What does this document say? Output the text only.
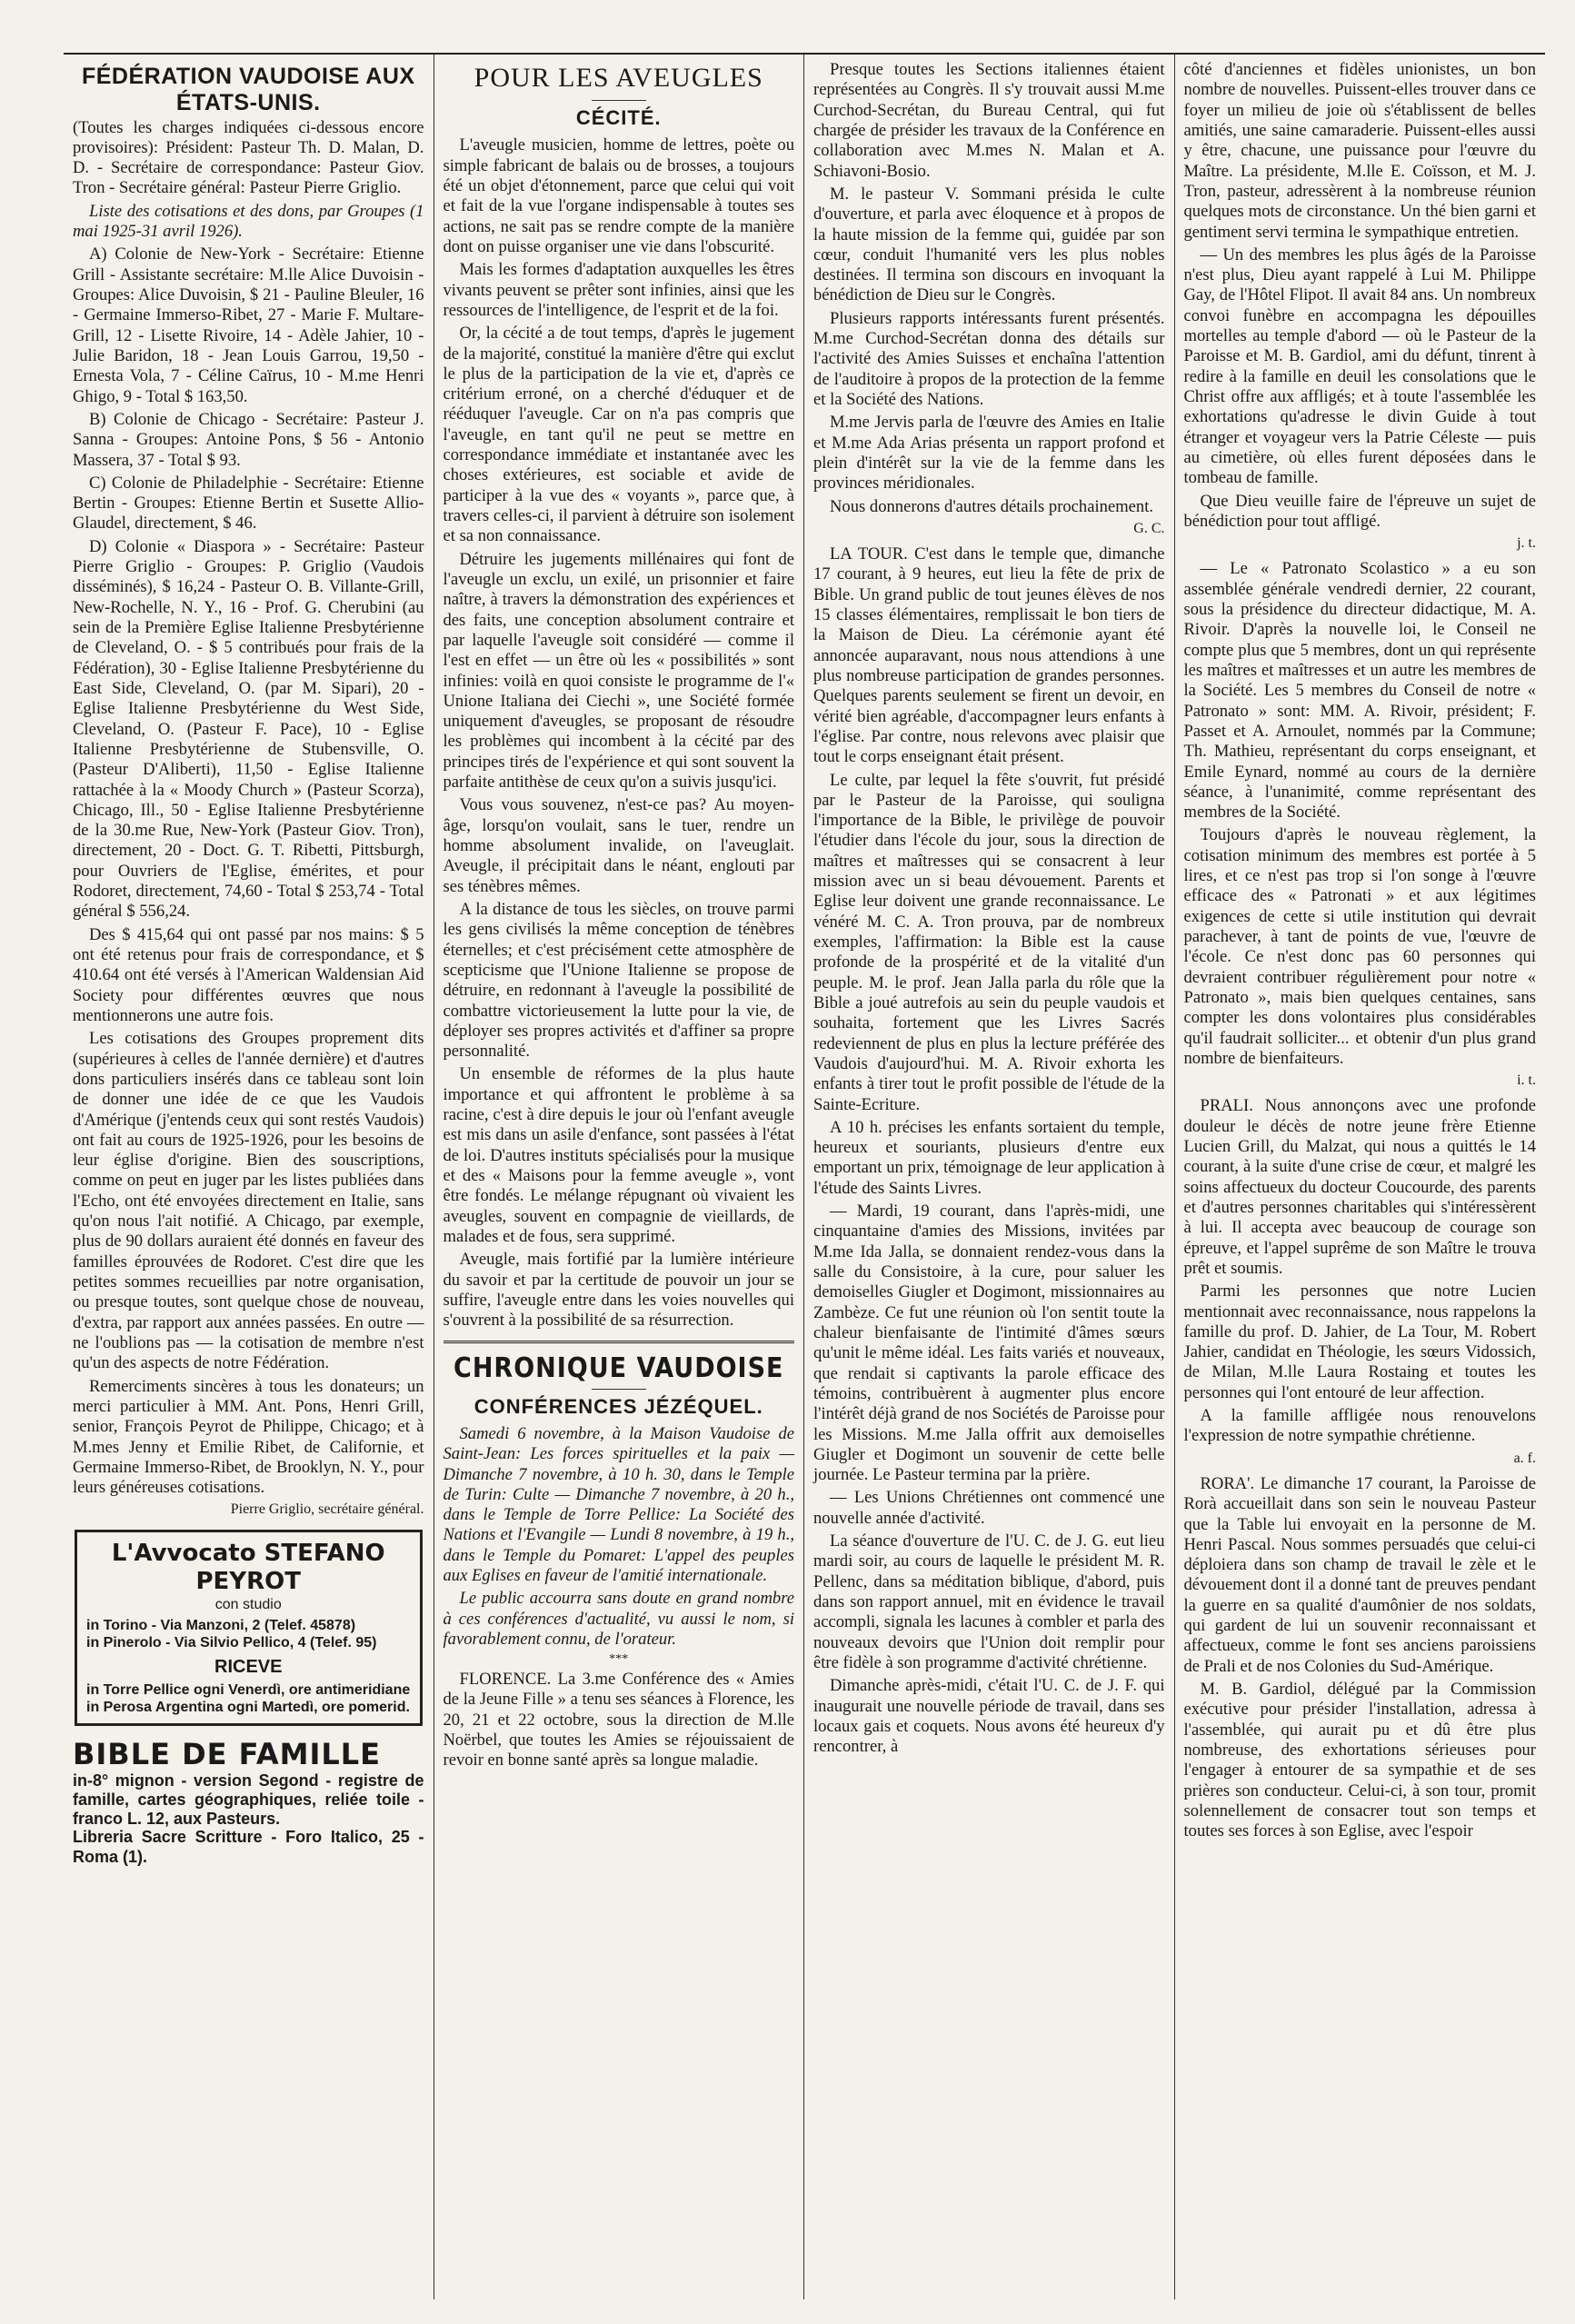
FÉDÉRATION VAUDOISE AUX ÉTATS-UNIS.

(Toutes les charges indiquées ci-dessous encore provisoires): Président: Pasteur Th. D. Malan, D. D. - Secrétaire de correspondance: Pasteur Giov. Tron - Secrétaire général: Pasteur Pierre Griglio.

Liste des cotisations et des dons, par Groupes (1 mai 1925-31 avril 1926).

A) Colonie de New-York - Secrétaire: Etienne Grill - Assistante secrétaire: M.lle Alice Duvoisin - Groupes: Alice Duvoisin, $ 21 - Pauline Bleuler, 16 - Germaine Immerso-Ribet, 27 - Marie F. Multare-Grill, 12 - Lisette Rivoire, 14 - Adèle Jahier, 10 - Julie Baridon, 18 - Jean Louis Garrou, 19,50 - Ernesta Vola, 7 - Céline Caïrus, 10 - M.me Henri Ghigo, 9 - Total $ 163,50.

B) Colonie de Chicago - Secrétaire: Pasteur J. Sanna - Groupes: Antoine Pons, $ 56 - Antonio Massera, 37 - Total $ 93.

C) Colonie de Philadelphie - Secrétaire: Etienne Bertin - Groupes: Etienne Bertin et Susette Allio-Glaudel, directement, $ 46.

D) Colonie « Diaspora » - Secrétaire: Pasteur Pierre Griglio - Groupes: P. Griglio (Vaudois disséminés), $ 16,24 - Pasteur O. B. Villante-Grill, New-Rochelle, N. Y., 16 - Prof. G. Cherubini (au sein de la Première Eglise Italienne Presbytérienne de Cleveland, O. - $ 5 contribués pour frais de la Fédération), 30 - Eglise Italienne Presbytérienne du East Side, Cleveland, O. (par M. Sipari), 20 - Eglise Italienne Presbytérienne du West Side, Cleveland, O. (Pasteur F. Pace), 10 - Eglise Italienne Presbytérienne de Stubensville, O. (Pasteur D'Aliberti), 11,50 - Eglise Italienne rattachée à la « Moody Church » (Pasteur Scorza), Chicago, Ill., 50 - Eglise Italienne Presbytérienne de la 30.me Rue, New-York (Pasteur Giov. Tron), directement, 20 - Doct. G. T. Ribetti, Pittsburgh, pour Ouvriers de l'Eglise, émérites, et pour Rodoret, directement, 74,60 - Total $ 253,74 - Total général $ 556,24.

Des $ 415,64 qui ont passé par nos mains: $ 5 ont été retenus pour frais de correspondance, et $ 410.64 ont été versés à l'American Waldensian Aid Society pour différentes œuvres que nous mentionnerons une autre fois.

Les cotisations des Groupes proprement dits (supérieures à celles de l'année dernière) et d'autres dons particuliers insérés dans ce tableau sont loin de donner une idée de ce que les Vaudois d'Amérique (j'entends ceux qui sont restés Vaudois) ont fait au cours de 1925-1926, pour les besoins de leur église d'origine. Bien des souscriptions, comme on peut en juger par les listes publiées dans l'Echo, ont été envoyées directement en Italie, sans qu'on nous l'ait notifié. A Chicago, par exemple, plus de 90 dollars auraient été donnés en faveur des familles éprouvées de Rodoret. C'est dire que les petites sommes recueillies par notre organisation, ou presque toutes, sont quelque chose de nouveau, d'extra, par rapport aux années passées. En outre — ne l'oublions pas — la cotisation de membre n'est qu'un des aspects de notre Fédération.

Remerciments sincères à tous les donateurs; un merci particulier à MM. Ant. Pons, Henri Grill, senior, François Peyrot de Philippe, Chicago; et à M.mes Jenny et Emilie Ribet, de Californie, et Germaine Immerso-Ribet, de Brooklyn, N. Y., pour leurs généreuses cotisations.

Pierre Griglio, secrétaire général.
L'Avvocato STEFANO PEYROT
con studio
in Torino - Via Manzoni, 2 (Telef. 45878)
in Pinerolo - Via Silvio Pellico, 4 (Telef. 95)
RICEVE
in Torre Pellice ogni Venerdì, ore antimeridiane
in Perosa Argentina ogni Martedì, ore pomerid.
BIBLE DE FAMILLE
in-8° mignon - version Segond - registre de famille, cartes géographiques, reliée toile - franco L. 12, aux Pasteurs.
Libreria Sacre Scritture - Foro Italico, 25 - Roma (1).
POUR LES AVEUGLES
CÉCITÉ.

L'aveugle musicien, homme de lettres, poète ou simple fabricant de balais ou de brosses, a toujours été un objet d'étonnement, parce que celui qui voit et fait de la vue l'organe indispensable à toutes ses actions, ne sait pas se rendre compte de la manière dont on puisse organiser une vie dans l'obscurité.

Mais les formes d'adaptation auxquelles les êtres vivants peuvent se prêter sont infinies, ainsi que les ressources de l'intelligence, de l'esprit et de la foi.

Or, la cécité a de tout temps, d'après le jugement de la majorité, constitué la manière d'être qui exclut le plus de la participation de la vie et, d'après ce critérium erroné, on a cherché d'éduquer et de rééduquer l'aveugle. Car on n'a pas compris que l'aveugle, en tant qu'il ne peut se mettre en correspondance immédiate et instantanée avec les choses extérieures, est sociable et avide de participer à la vue des « voyants », parce que, à travers celles-ci, il parvient à détruire son isolement et sa non connaissance.

Détruire les jugements millénaires qui font de l'aveugle un exclu, un exilé, un prisonnier et faire naître, à travers la démonstration des expériences et des faits, une conception absolument contraire et par laquelle l'aveugle soit considéré — comme il l'est en effet — un être où les « possibilités » sont infinies: voilà en quoi consiste le programme de l'« Unione Italiana dei Ciechi », une Société formée uniquement d'aveugles, se proposant de résoudre les problèmes qui incombent à la cécité par des principes tirés de l'expérience et qui sont souvent la parfaite antithèse de ceux qu'on a suivis jusqu'ici.

Vous vous souvenez, n'est-ce pas? Au moyen-âge, lorsqu'on voulait, sans le tuer, rendre un homme absolument invalide, on l'aveuglait. Aveugle, il précipitait dans le néant, englouti par ses ténèbres mêmes.

A la distance de tous les siècles, on trouve parmi les gens civilisés la même conception de ténèbres éternelles; et c'est précisément cette atmosphère de scepticisme que l'Unione Italienne se propose de détruire, en redonnant à l'aveugle la possibilité de combattre victorieusement la lutte pour la vie, de déployer ses propres activités et d'affiner sa propre personnalité.

Un ensemble de réformes de la plus haute importance et qui affrontent le problème à sa racine, c'est à dire depuis le jour où l'enfant aveugle est mis dans un asile d'enfance, sont passées à l'état de loi. D'autres instituts spécialisés pour la musique et des « Maisons pour la femme aveugle », vont être fondés. Le mélange répugnant où vivaient les aveugles, souvent en compagnie de vieillards, de malades et de fous, sera supprimé.

Aveugle, mais fortifié par la lumière intérieure du savoir et par la certitude de pouvoir un jour se suffire, l'aveugle entre dans les voies nouvelles qui s'ouvrent à la possibilité de sa résurrection.

CHRONIQUE VAUDOISE
CONFÉRENCES JÉZÉQUEL.

Samedi 6 novembre, à la Maison Vaudoise de Saint-Jean: Les forces spirituelles et la paix — Dimanche 7 novembre, à 10 h. 30, dans le Temple de Turin: Culte — Dimanche 7 novembre, à 20 h., dans le Temple de Torre Pellice: La Société des Nations et l'Evangile — Lundi 8 novembre, à 19 h., dans le Temple du Pomaret: L'appel des peuples aux Eglises en faveur de l'amitié internationale.

Le public accourra sans doute en grand nombre à ces conférences d'actualité, vu aussi le nom, si favorablement connu, de l'orateur.

***

FLORENCE. La 3.me Conférence des « Amies de la Jeune Fille » a tenu ses séances à Florence, les 20, 21 et 22 octobre, sous la direction de M.lle Noërbel, que toutes les Amies se réjouissaient de revoir en bonne santé après sa longue maladie.

Presque toutes les Sections italiennes étaient représentées au Congrès. Il s'y trouvait aussi M.me Curchod-Secrétan, du Bureau Central, qui fut chargée de présider les travaux de la Conférence en collaboration avec M.mes N. Malan et A. Schiavoni-Bosio.

M. le pasteur V. Sommani présida le culte d'ouverture, et parla avec éloquence et à propos de la haute mission de la femme qui, guidée par son cœur, conduit l'humanité vers les plus nobles destinées. Il termina son discours en invoquant la bénédiction de Dieu sur le Congrès.

Plusieurs rapports intéressants furent présentés. M.me Curchod-Secrétan donna des détails sur l'activité des Amies Suisses et enchaîna l'attention de l'auditoire à propos de la protection de la femme et la Société des Nations.

M.me Jervis parla de l'œuvre des Amies en Italie et M.me Ada Arias présenta un rapport profond et plein d'intérêt sur la vie de la femme dans les provinces méridionales.

Nous donnerons d'autres détails prochainement.

G. C.

LA TOUR. C'est dans le temple que, dimanche 17 courant, à 9 heures, eut lieu la fête de prix de Bible. Un grand public de tout jeunes élèves de nos 15 classes élémentaires, remplissait le bon tiers de la Maison de Dieu. La cérémonie ayant été annoncée auparavant, nous nous attendions à une plus nombreuse participation de grandes personnes. Quelques parents seulement se firent un devoir, en vérité bien agréable, d'accompagner leurs enfants à l'église. Par contre, nous relevons avec plaisir que tout le corps enseignant était présent.

Le culte, par lequel la fête s'ouvrit, fut présidé par le Pasteur de la Paroisse, qui souligna l'importance de la Bible, le privilège de pouvoir l'étudier dans l'école du jour, sous la direction de maîtres et maîtresses qui se consacrent à leur mission avec un si beau dévouement. Parents et Eglise leur doivent une grande reconnaissance. Le vénéré M. C. A. Tron prouva, par de nombreux exemples, l'affirmation: la Bible est la cause profonde de la prospérité et de la vitalité d'un peuple. M. le prof. Jean Jalla parla du rôle que la Bible a joué autrefois au sein du peuple vaudois et souhaita, fortement que les Livres Sacrés redeviennent de plus en plus la lecture préférée des Vaudois d'aujourd'hui. M. A. Rivoir exhorta les enfants à tirer tout le profit possible de l'étude de la Sainte-Ecriture.

A 10 h. précises les enfants sortaient du temple, heureux et souriants, plusieurs d'entre eux emportant un prix, témoignage de leur application à l'étude des Saints Livres.

— Mardi, 19 courant, dans l'après-midi, une cinquantaine d'amies des Missions, invitées par M.me Ida Jalla, se donnaient rendez-vous dans la salle du Consistoire, à la cure, pour saluer les demoiselles Giugler et Dogimont, missionnaires au Zambèze. Ce fut une réunion où l'on sentit toute la chaleur bienfaisante de l'intimité d'âmes sœurs qu'unit le même idéal. Les faits variés et nouveaux, que rendait si captivants la parole efficace des témoins, contribuèrent à augmenter plus encore l'intérêt déjà grand de nos Sociétés de Paroisse pour les Missions. M.me Jalla offrit aux demoiselles Giugler et Dogimont un souvenir de cette belle journée. Le Pasteur termina par la prière.

— Les Unions Chrétiennes ont commencé une nouvelle année d'activité.

La séance d'ouverture de l'U. C. de J. G. eut lieu mardi soir, au cours de laquelle le président M. R. Pellenc, dans sa méditation biblique, d'abord, puis dans son rapport annuel, mit en évidence le travail accompli, signala les lacunes à combler et parla des nouveaux devoirs que l'Union doit remplir pour être fidèle à son programme d'activité chrétienne.

Dimanche après-midi, c'était l'U. C. de J. F. qui inaugurait une nouvelle période de travail, dans ses locaux gais et coquets. Nous avons été heureux d'y rencontrer, à

côté d'anciennes et fidèles unionistes, un bon nombre de nouvelles. Puissent-elles trouver dans ce foyer un milieu de joie où s'établissent de belles amitiés, une saine camaraderie. Puissent-elles aussi y être, chacune, une puissance pour l'œuvre du Maître. La présidente, M.lle E. Coïsson, et M. J. Tron, pasteur, adressèrent à la nombreuse réunion quelques mots de circonstance. Un thé bien garni et gentiment servi termina le sympathique entretien.

— Un des membres les plus âgés de la Paroisse n'est plus, Dieu ayant rappelé à Lui M. Philippe Gay, de l'Hôtel Flipot. Il avait 84 ans. Un nombreux convoi funèbre en accompagna les dépouilles mortelles au temple d'abord — où le Pasteur de la Paroisse et M. B. Gardiol, ami du défunt, tinrent à redire à la famille en deuil les consolations que le Christ offre aux affligés; et à toute l'assemblée les exhortations qu'adresse le divin Guide à tout étranger et voyageur vers la Patrie Céleste — puis au cimetière, où elles furent déposées dans le tombeau de famille.

Que Dieu veuille faire de l'épreuve un sujet de bénédiction pour tout affligé.

j. t.

— Le « Patronato Scolastico » a eu son assemblée générale vendredi dernier, 22 courant, sous la présidence du directeur didactique, M. A. Rivoir. D'après la nouvelle loi, le Conseil ne compte plus que 5 membres, dont un qui représente les maîtres et maîtresses et un autre les membres de la Société. Les 5 membres du Conseil de notre « Patronato » sont: MM. A. Rivoir, président; F. Passet et A. Arnoulet, nommés par la Commune; Th. Mathieu, représentant du corps enseignant, et Emile Eynard, nommé au cours de la dernière séance, à l'unanimité, comme représentant des membres de la Société.

Toujours d'après le nouveau règlement, la cotisation minimum des membres est portée à 5 lires, et ce n'est pas trop si l'on songe à l'œuvre efficace des « Patronati » et aux légitimes exigences de cette si utile institution qui devrait parachever, à tant de points de vue, l'œuvre de l'école. Ce n'est donc pas 60 personnes qui devraient contribuer régulièrement pour notre « Patronato », mais bien quelques centaines, sans compter les dons volontaires plus considérables qu'il faudrait solliciter... et obtenir d'un plus grand nombre de bienfaiteurs.

i. t.

PRALI. Nous annonçons avec une profonde douleur le décès de notre jeune frère Etienne Lucien Grill, du Malzat, qui nous a quittés le 14 courant, à la suite d'une crise de cœur, et malgré les soins affectueux du docteur Coucourde, des parents et d'autres personnes charitables qui s'intéressèrent à lui. Il accepta avec beaucoup de courage son épreuve, et l'appel suprême de son Maître le trouva prêt et soumis.

Parmi les personnes que notre Lucien mentionnait avec reconnaissance, nous rappelons la famille du prof. D. Jahier, de La Tour, M. Robert Jahier, candidat en Théologie, les sœurs Vidossich, de Milan, M.lle Laura Rostaing et toutes les personnes qui l'ont entouré de leur affection.

A la famille affligée nous renouvelons l'expression de notre sympathie chrétienne.

a. f.

RORA'. Le dimanche 17 courant, la Paroisse de Rorà accueillait dans son sein le nouveau Pasteur que la Table lui envoyait en la personne de M. Henri Pascal. Nous sommes persuadés que celui-ci déploiera dans son champ de travail le zèle et le dévouement dont il a donné tant de preuves pendant la guerre en sa qualité d'aumônier de nos soldats, qui gardent de lui un souvenir reconnaissant et affectueux, comme le font ses anciens paroissiens de Prali et de nos Colonies du Sud-Amérique.

M. B. Gardiol, délégué par la Commission exécutive pour présider l'installation, adressa à l'assemblée, qui aurait pu et dû être plus nombreuse, des exhortations sérieuses pour l'engager à entourer de sa sympathie et de ses prières son conducteur. Celui-ci, à son tour, promit solennellement de consacrer tout son temps et toutes ses forces à son Eglise, avec l'espoir
